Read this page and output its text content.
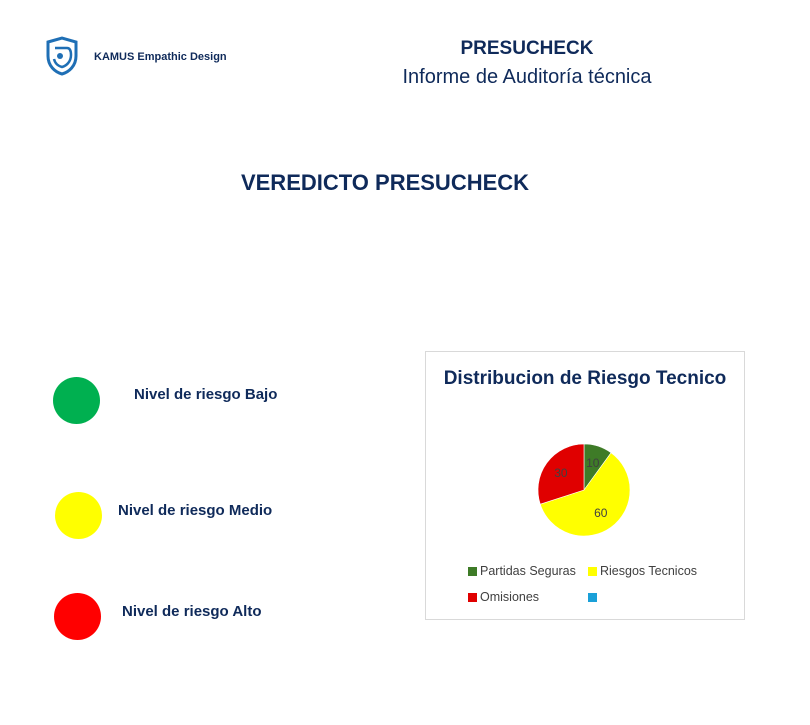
KAMUS Empathic Design	PRESUCHECK
Informe de Auditoría técnica
VEREDICTO PRESUCHECK
Nivel de riesgo Bajo
Nivel de riesgo Medio
Nivel de riesgo Alto
Distribucion de Riesgo Tecnico
10
60
30
Partidas Seguras	Riesgos Tecnicos
Omisiones
